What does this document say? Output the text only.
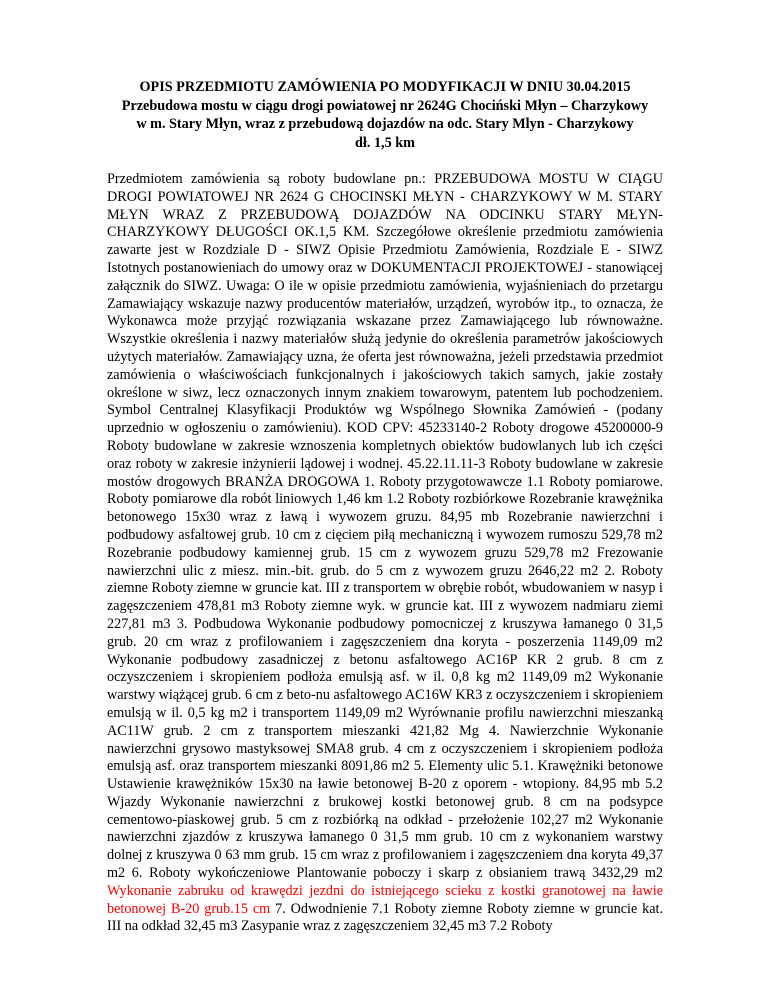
OPIS PRZEDMIOTU ZAMÓWIENIA PO MODYFIKACJI W DNIU 30.04.2015
Przebudowa mostu w ciągu drogi powiatowej nr 2624G Chociński Młyn – Charzykowy
w m. Stary Młyn, wraz z przebudową dojazdów na odc. Stary Mlyn - Charzykowy
dł. 1,5 km

Przedmiotem zamówienia są roboty budowlane pn.: PRZEBUDOWA MOSTU W CIĄGU DROGI POWIATOWEJ NR 2624 G CHOCINSKI MŁYN - CHARZYKOWY W M. STARY MŁYN WRAZ Z PRZEBUDOWĄ DOJAZDÓW NA ODCINKU STARY MŁYN-CHARZYKOWY DŁUGOŚCI OK.1,5 KM. Szczegółowe określenie przedmiotu zamówienia zawarte jest w Rozdziale D - SIWZ Opisie Przedmiotu Zamówienia, Rozdziale E - SIWZ Istotnych postanowieniach do umowy oraz w DOKUMENTACJI PROJEKTOWEJ - stanowiącej załącznik do SIWZ. Uwaga: O ile w opisie przedmiotu zamówienia, wyjaśnieniach do przetargu Zamawiający wskazuje nazwy producentów materiałów, urządzeń, wyrobów itp., to oznacza, że Wykonawca może przyjąć rozwiązania wskazane przez Zamawiającego lub równoważne. Wszystkie określenia i nazwy materiałów służą jedynie do określenia parametrów jakościowych użytych materiałów. Zamawiający uzna, że oferta jest równoważna, jeżeli przedstawia przedmiot zamówienia o właściwościach funkcjonalnych i jakościowych takich samych, jakie zostały określone w siwz, lecz oznaczonych innym znakiem towarowym, patentem lub pochodzeniem. Symbol Centralnej Klasyfikacji Produktów wg Wspólnego Słownika Zamówień - (podany uprzednio w ogłoszeniu o zamówieniu). KOD CPV: 45233140-2 Roboty drogowe 45200000-9 Roboty budowlane w zakresie wznoszenia kompletnych obiektów budowlanych lub ich części oraz roboty w zakresie inżynierii lądowej i wodnej. 45.22.11.11-3 Roboty budowlane w zakresie mostów drogowych BRANŻA DROGOWA 1. Roboty przygotowawcze 1.1 Roboty pomiarowe. Roboty pomiarowe dla robót liniowych 1,46 km 1.2 Roboty rozbiórkowe Rozebranie krawężnika betonowego 15x30 wraz z ławą i wywozem gruzu. 84,95 mb Rozebranie nawierzchni i podbudowy asfaltowej grub. 10 cm z cięciem piłą mechaniczną i wywozem rumoszu 529,78 m2 Rozebranie podbudowy kamiennej grub. 15 cm z wywozem gruzu 529,78 m2 Frezowanie nawierzchni ulic z miesz. min.-bit. grub. do 5 cm z wywozem gruzu 2646,22 m2 2. Roboty ziemne Roboty ziemne w gruncie kat. III z transportem w obrębie robót, wbudowaniem w nasyp i zagęszczeniem 478,81 m3 Roboty ziemne wyk. w gruncie kat. III z wywozem nadmiaru ziemi 227,81 m3 3. Podbudowa Wykonanie podbudowy pomocniczej z kruszywa łamanego 0 31,5 grub. 20 cm wraz z profilowaniem i zagęszczeniem dna koryta - poszerzenia 1149,09 m2 Wykonanie podbudowy zasadniczej z betonu asfaltowego AC16P KR 2 grub. 8 cm z oczyszczeniem i skropieniem podłoża emulsją asf. w il. 0,8 kg m2 1149,09 m2 Wykonanie warstwy wiążącej grub. 6 cm z beto-nu asfaltowego AC16W KR3 z oczyszczeniem i skropieniem emulsją w il. 0,5 kg m2 i transportem 1149,09 m2 Wyrównanie profilu nawierzchni mieszanką AC11W grub. 2 cm z transportem mieszanki 421,82 Mg 4. Nawierzchnie Wykonanie nawierzchni grysowo mastyksowej SMA8 grub. 4 cm z oczyszczeniem i skropieniem podłoża emulsją asf. oraz transportem mieszanki 8091,86 m2 5. Elementy ulic 5.1. Krawężniki betonowe Ustawienie krawężników 15x30 na ławie betonowej B-20 z oporem - wtopiony. 84,95 mb 5.2 Wjazdy Wykonanie nawierzchni z brukowej kostki betonowej grub. 8 cm na podsypce cementowo-piaskowej grub. 5 cm z rozbiórką na odkład - przełożenie 102,27 m2 Wykonanie nawierzchni zjazdów z kruszywa łamanego 0 31,5 mm grub. 10 cm z wykonaniem warstwy dolnej z kruszywa 0 63 mm grub. 15 cm wraz z profilowaniem i zagęszczeniem dna koryta 49,37 m2 6. Roboty wykończeniowe Plantowanie poboczy i skarp z obsianiem trawą 3432,29 m2 Wykonanie zabruku od krawędzi jezdni do istniejącego scieku z kostki granotowej na ławie betonowej B-20 grub.15 cm 7. Odwodnienie 7.1 Roboty ziemne Roboty ziemne w gruncie kat. III na odkład 32,45 m3 Zasypanie wraz z zagęszczeniem 32,45 m3 7.2 Roboty
